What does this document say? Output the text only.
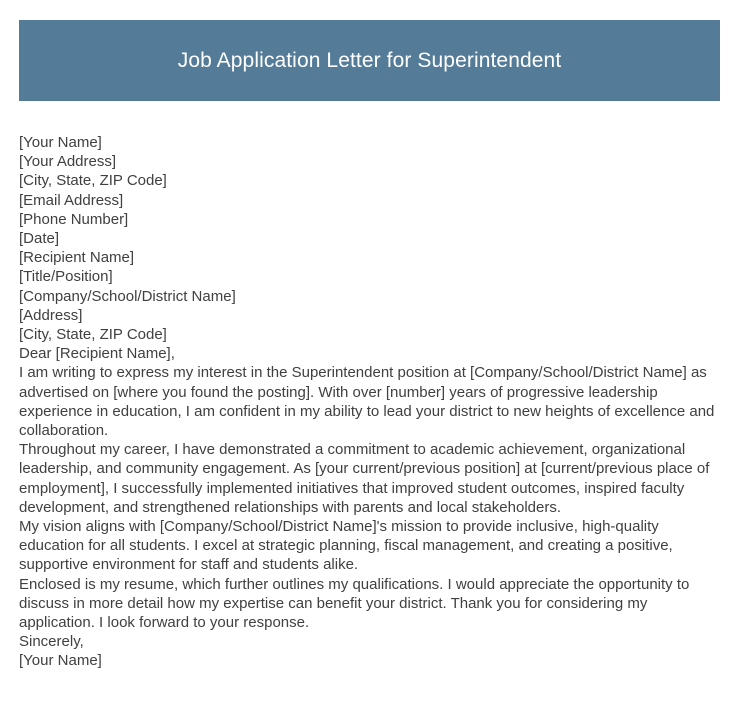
Job Application Letter for Superintendent
[Your Name]
[Your Address]
[City, State, ZIP Code]
[Email Address]
[Phone Number]
[Date]
[Recipient Name]
[Title/Position]
[Company/School/District Name]
[Address]
[City, State, ZIP Code]
Dear [Recipient Name],
I am writing to express my interest in the Superintendent position at [Company/School/District Name] as advertised on [where you found the posting]. With over [number] years of progressive leadership experience in education, I am confident in my ability to lead your district to new heights of excellence and collaboration.
Throughout my career, I have demonstrated a commitment to academic achievement, organizational leadership, and community engagement. As [your current/previous position] at [current/previous place of employment], I successfully implemented initiatives that improved student outcomes, inspired faculty development, and strengthened relationships with parents and local stakeholders.
My vision aligns with [Company/School/District Name]'s mission to provide inclusive, high-quality education for all students. I excel at strategic planning, fiscal management, and creating a positive, supportive environment for staff and students alike.
Enclosed is my resume, which further outlines my qualifications. I would appreciate the opportunity to discuss in more detail how my expertise can benefit your district. Thank you for considering my application. I look forward to your response.
Sincerely,
[Your Name]
